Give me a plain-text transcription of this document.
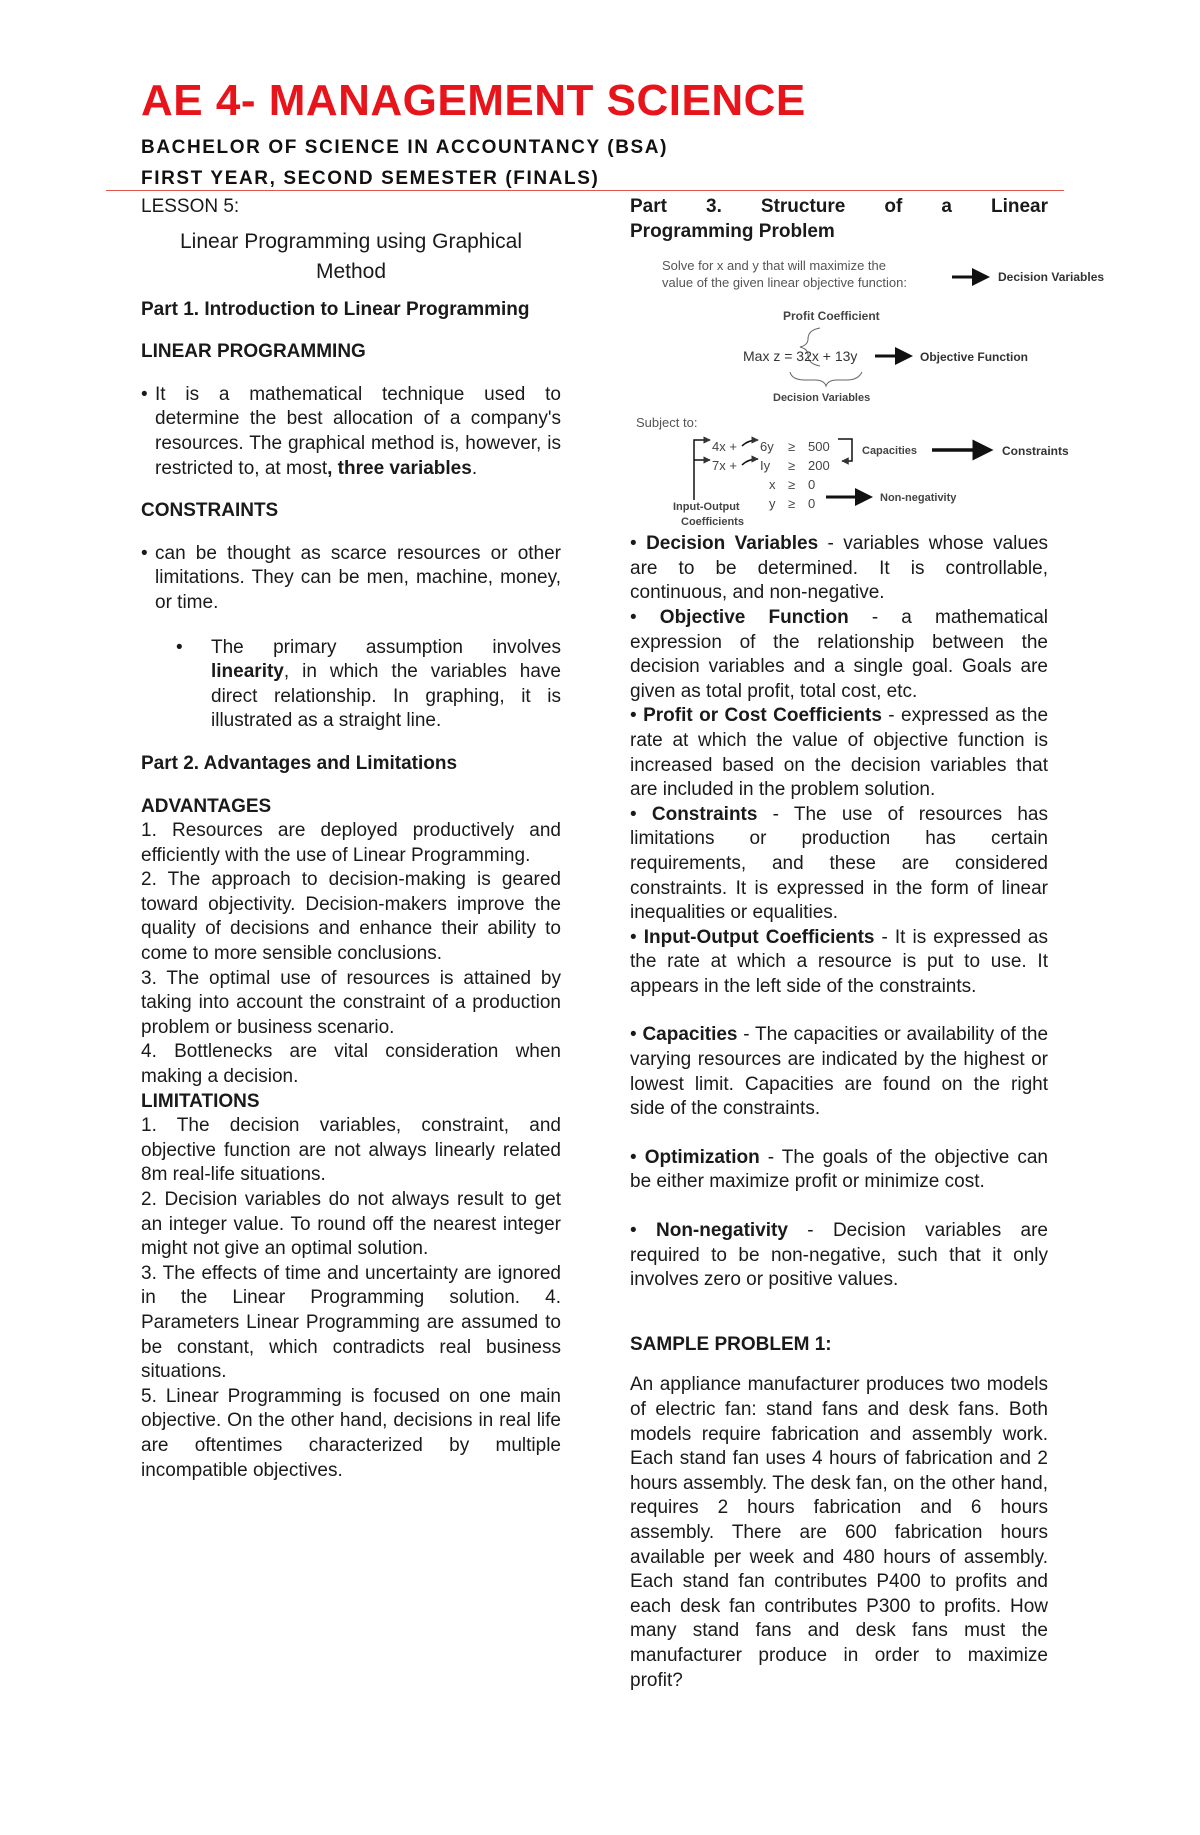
AE 4- MANAGEMENT SCIENCE
BACHELOR OF SCIENCE IN ACCOUNTANCY (BSA)
FIRST YEAR, SECOND SEMESTER (FINALS)
LESSON 5:
Linear Programming using Graphical
Method
Part 1. Introduction to Linear Programming
LINEAR PROGRAMMING
• It is a mathematical technique used to determine the best allocation of a company's resources. The graphical method is, however, is restricted to, at most, three variables.
CONSTRAINTS
• can be thought as scarce resources or other limitations. They can be men, machine, money, or time.
• The primary assumption involves linearity, in which the variables have direct relationship. In graphing, it is illustrated as a straight line.
Part 2. Advantages and Limitations
ADVANTAGES
1. Resources are deployed productively and efficiently with the use of Linear Programming.
2. The approach to decision-making is geared toward objectivity. Decision-makers improve the quality of decisions and enhance their ability to come to more sensible conclusions.
3. The optimal use of resources is attained by taking into account the constraint of a production problem or business scenario.
4. Bottlenecks are vital consideration when making a decision.
LIMITATIONS
1. The decision variables, constraint, and objective function are not always linearly related 8m real-life situations.
2. Decision variables do not always result to get an integer value. To round off the nearest integer might not give an optimal solution.
3. The effects of time and uncertainty are ignored in the Linear Programming solution. 4. Parameters Linear Programming are assumed to be constant, which contradicts real business situations.
5. Linear Programming is focused on one main objective. On the other hand, decisions in real life are oftentimes characterized by multiple incompatible objectives.
Part 3. Structure of a Linear
Programming Problem
Solve for x and y that will maximize the
value of the given linear objective function:	Decision Variables
Profit Coefficient
Max z = 32x + 13y	Objective Function
Decision Variables
Subject to:
4x + 6y ≥ 500
7x + Iy ≥ 200
x ≥ 0
y ≥ 0
Capacities	Constraints
Non-negativity
Input-Output
Coefficients
• Decision Variables - variables whose values are to be determined. It is controllable, continuous, and non-negative.
• Objective Function - a mathematical expression of the relationship between the decision variables and a single goal. Goals are given as total profit, total cost, etc.
• Profit or Cost Coefficients - expressed as the rate at which the value of objective function is increased based on the decision variables that are included in the problem solution.
• Constraints - The use of resources has limitations or production has certain requirements, and these are considered constraints. It is expressed in the form of linear inequalities or equalities.
• Input-Output Coefficients - It is expressed as the rate at which a resource is put to use. It appears in the left side of the constraints.
• Capacities - The capacities or availability of the varying resources are indicated by the highest or lowest limit. Capacities are found on the right side of the constraints.
• Optimization - The goals of the objective can be either maximize profit or minimize cost.
• Non-negativity - Decision variables are required to be non-negative, such that it only involves zero or positive values.
SAMPLE PROBLEM 1:
An appliance manufacturer produces two models of electric fan: stand fans and desk fans. Both models require fabrication and assembly work. Each stand fan uses 4 hours of fabrication and 2 hours assembly. The desk fan, on the other hand, requires 2 hours fabrication and 6 hours assembly. There are 600 fabrication hours available per week and 480 hours of assembly. Each stand fan contributes P400 to profits and each desk fan contributes P300 to profits. How many stand fans and desk fans must the manufacturer produce in order to maximize profit?
